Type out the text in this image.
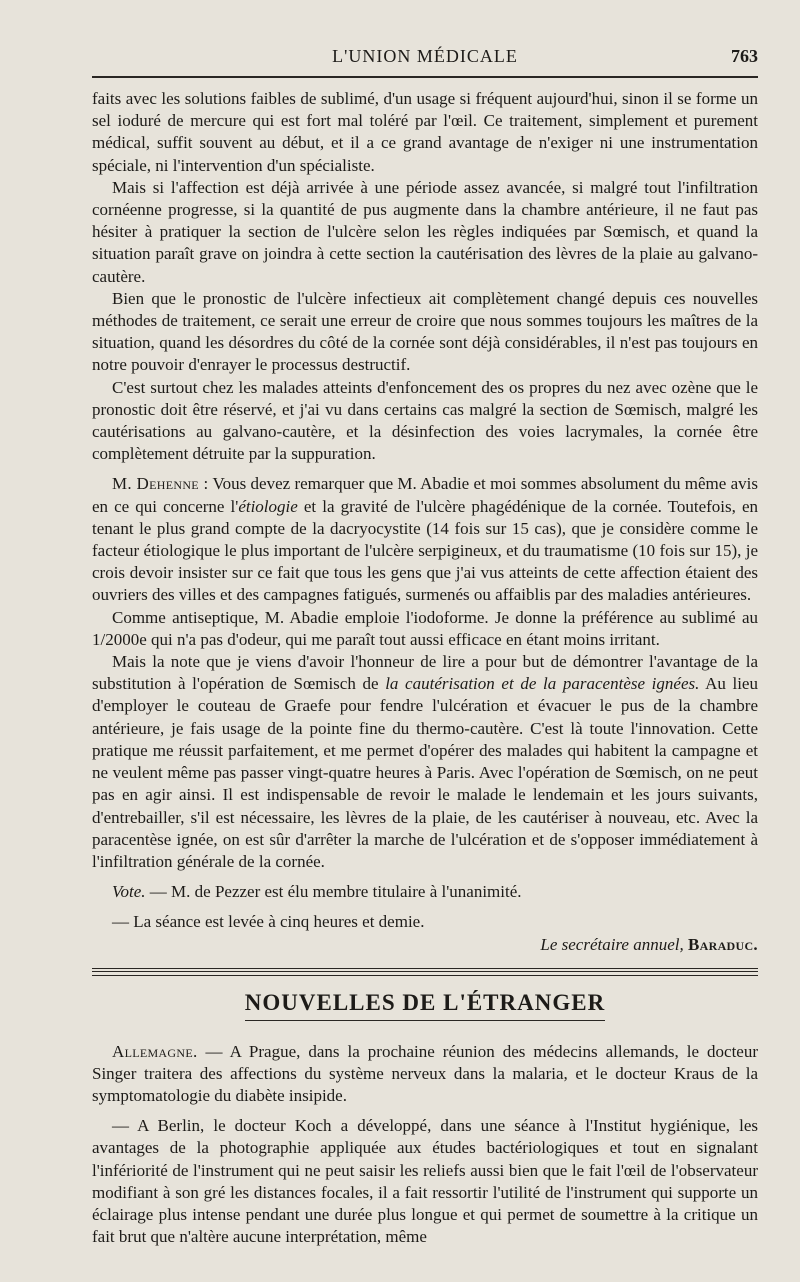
L'UNION MÉDICALE	763

faits avec les solutions faibles de sublimé, d'un usage si fréquent aujourd'hui, sinon il se forme un sel ioduré de mercure qui est fort mal toléré par l'œil. Ce traitement, simplement et purement médical, suffit souvent au début, et il a ce grand avantage de n'exiger ni une instrumentation spéciale, ni l'intervention d'un spécialiste.

Mais si l'affection est déjà arrivée à une période assez avancée, si malgré tout l'infiltration cornéenne progresse, si la quantité de pus augmente dans la chambre antérieure, il ne faut pas hésiter à pratiquer la section de l'ulcère selon les règles indiquées par Sœmisch, et quand la situation paraît grave on joindra à cette section la cautérisation des lèvres de la plaie au galvano-cautère.

Bien que le pronostic de l'ulcère infectieux ait complètement changé depuis ces nouvelles méthodes de traitement, ce serait une erreur de croire que nous sommes toujours les maîtres de la situation, quand les désordres du côté de la cornée sont déjà considérables, il n'est pas toujours en notre pouvoir d'enrayer le processus destructif.

C'est surtout chez les malades atteints d'enfoncement des os propres du nez avec ozène que le pronostic doit être réservé, et j'ai vu dans certains cas malgré la section de Sœmisch, malgré les cautérisations au galvano-cautère, et la désinfection des voies lacrymales, la cornée être complètement détruite par la suppuration.

M. Dehenne : Vous devez remarquer que M. Abadie et moi sommes absolument du même avis en ce qui concerne l'étiologie et la gravité de l'ulcère phagédénique de la cornée. Toutefois, en tenant le plus grand compte de la dacryocystite (14 fois sur 15 cas), que je considère comme le facteur étiologique le plus important de l'ulcère serpigineux, et du traumatisme (10 fois sur 15), je crois devoir insister sur ce fait que tous les gens que j'ai vus atteints de cette affection étaient des ouvriers des villes et des campagnes fatigués, surmenés ou affaiblis par des maladies antérieures.

Comme antiseptique, M. Abadie emploie l'iodoforme. Je donne la préférence au sublimé au 1/2000e qui n'a pas d'odeur, qui me paraît tout aussi efficace en étant moins irritant.

Mais la note que je viens d'avoir l'honneur de lire a pour but de démontrer l'avantage de la substitution à l'opération de Sœmisch de la cautérisation et de la paracentèse ignées. Au lieu d'employer le couteau de Graefe pour fendre l'ulcération et évacuer le pus de la chambre antérieure, je fais usage de la pointe fine du thermo-cautère. C'est là toute l'innovation. Cette pratique me réussit parfaitement, et me permet d'opérer des malades qui habitent la campagne et ne veulent même pas passer vingt-quatre heures à Paris. Avec l'opération de Sœmisch, on ne peut pas en agir ainsi. Il est indispensable de revoir le malade le lendemain et les jours suivants, d'entrebailler, s'il est nécessaire, les lèvres de la plaie, de les cautériser à nouveau, etc. Avec la paracentèse ignée, on est sûr d'arrêter la marche de l'ulcération et de s'opposer immédiatement à l'infiltration générale de la cornée.

Vote. — M. de Pezzer est élu membre titulaire à l'unanimité.

— La séance est levée à cinq heures et demie.

Le secrétaire annuel, Baraduc.
NOUVELLES DE L'ÉTRANGER

Allemagne. — A Prague, dans la prochaine réunion des médecins allemands, le docteur Singer traitera des affections du système nerveux dans la malaria, et le docteur Kraus de la symptomatologie du diabète insipide.

— A Berlin, le docteur Koch a développé, dans une séance à l'Institut hygiénique, les avantages de la photographie appliquée aux études bactériologiques et tout en signalant l'infériorité de l'instrument qui ne peut saisir les reliefs aussi bien que le fait l'œil de l'observateur modifiant à son gré les distances focales, il a fait ressortir l'utilité de l'instrument qui supporte un éclairage plus intense pendant une durée plus longue et qui permet de soumettre à la critique un fait brut que n'altère aucune interprétation, même
